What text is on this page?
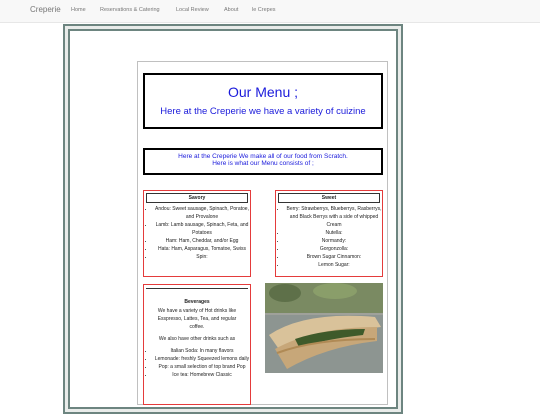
Creperie Home	Reservations & Catering	Local Review	About le Crepes
Our Menu ;
Here at the Creperie we have a variety of cuizine
Here at the Creperie We make all of our food from Scratch.
Here is what our Menu consists of ;
Savory
• Andou: Sweet sausage, Spinach, Poratoe, and Provalone
• Lamb: Lamb sausage, Spinach, Feta, and Potatoes
• Ham: Ham, Cheddar, and/or Egg
• Hata: Ham, Asparagus, Tomatoe, Swiss
• Spin:
Sweet
• Berry: Strawberrys, Blueberrys, Rasberrys, and Black Berrys with a side of whipped Cream
• Nutella:
• Normandy:
• Gorgonzolla:
• Brown Sugar Cinnamon:
• Lemon Sugar:
Beverages
We have a variety of Hot drinks like Esspresso, Lattes, Tea, and regular coffee.
We also have other drinks such as
• Italian Soda: In many flavors
• Lemonade: freshly Squeezed lemons daily
• Pop: a small selection of top brand Pop
• Ice tea: Homebrew Classic
